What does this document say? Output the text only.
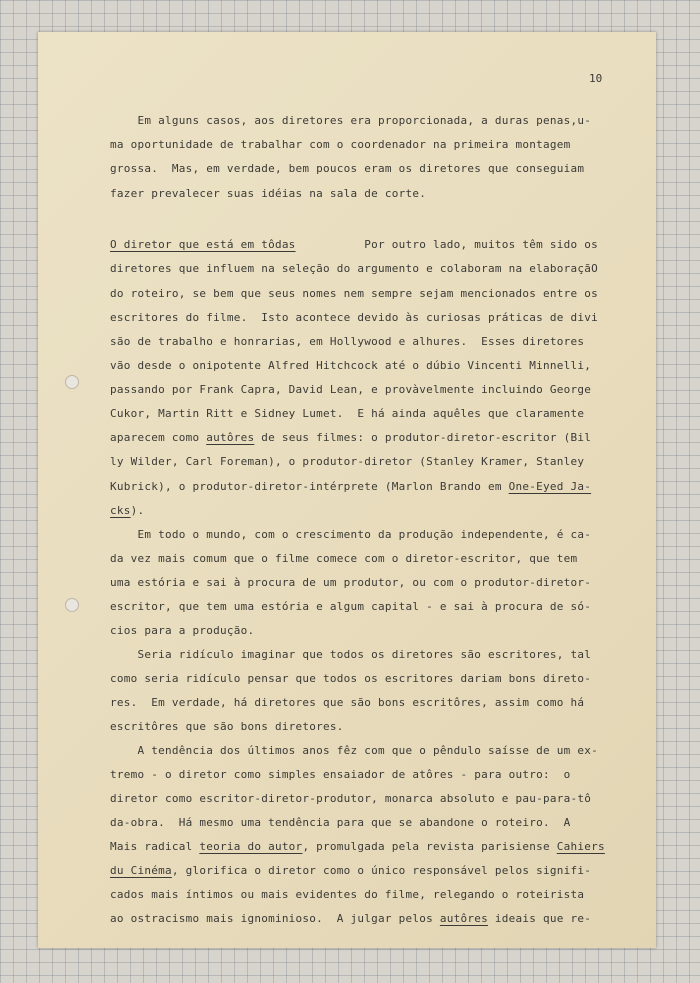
10
Em alguns casos, aos diretores era proporcionada, a duras penas,u-
ma oportunidade de trabalhar com o coordenador na primeira montagem
grossa.  Mas, em verdade, bem poucos eram os diretores que conseguiam
fazer prevalecer suas idéias na sala de corte.
O diretor que está em tôdas          Por outro lado, muitos têm sido os
diretores que influem na seleção do argumento e colaboram na elaboraçãO
do roteiro, se bem que seus nomes nem sempre sejam mencionados entre os
escritores do filme.  Isto acontece devido às curiosas práticas de divi
são de trabalho e honrarias, em Hollywood e alhures.  Esses diretores
vão desde o onipotente Alfred Hitchcock até o dúbio Vincenti Minnelli,
passando por Frank Capra, David Lean, e provàvelmente incluindo George
Cukor, Martin Ritt e Sidney Lumet.  E há ainda aquêles que claramente
aparecem como autôres de seus filmes: o produtor-diretor-escritor (Bil
ly Wilder, Carl Foreman), o produtor-diretor (Stanley Kramer, Stanley
Kubrick), o produtor-diretor-intérprete (Marlon Brando em One-Eyed Ja-
cks).
Em todo o mundo, com o crescimento da produção independente, é ca-
da vez mais comum que o filme comece com o diretor-escritor, que tem
uma estória e sai à procura de um produtor, ou com o produtor-diretor-
escritor, que tem uma estória e algum capital - e sai à procura de só-
cios para a produção.
Seria ridículo imaginar que todos os diretores são escritores, tal
como seria ridículo pensar que todos os escritores dariam bons direto-
res.  Em verdade, há diretores que são bons escritôres, assim como há
escritôres que são bons diretores.
A tendência dos últimos anos fêz com que o pêndulo saísse de um ex-
tremo - o diretor como simples ensaiador de atôres - para outro:  o
diretor como escritor-diretor-produtor, monarca absoluto e pau-para-tô
da-obra.  Há mesmo uma tendência para que se abandone o roteiro.  A
Mais radical teoria do autor, promulgada pela revista parisiense Cahiers
du Cinéma, glorifica o diretor como o único responsável pelos signifi-
cados mais íntimos ou mais evidentes do filme, relegando o roteirista
ao ostracismo mais ignominioso.  A julgar pelos autôres ideais que re-
